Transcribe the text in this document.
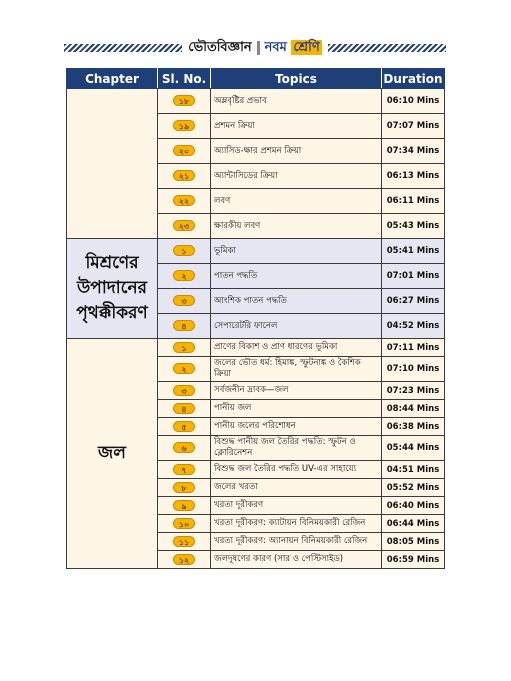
ভৌতবিজ্ঞান নবম শ্রেণি
Chapter	Sl. No.	Topics	Duration
	১৮	অম্লবৃষ্টির প্রভাব	06:10 Mins
	১৯	প্রশমন ক্রিয়া	07:07 Mins
	২০	অ্যাসিড-ক্ষার প্রশমন ক্রিয়া	07:34 Mins
	২১	অ্যান্টাসিডের ক্রিয়া	06:13 Mins
	২২	লবণ	06:11 Mins
	২৩	ক্ষারকীয় লবণ	05:43 Mins
মিশ্রণের উপাদানের পৃথক্কীকরণ	১	ভূমিকা	05:41 Mins
	২	পাতন পদ্ধতি	07:01 Mins
	৩	আংশিক পাতন পদ্ধতি	06:27 Mins
	৪	সেপারেটরি ফানেল	04:52 Mins
জল	১	প্রাণের বিকাশ ও প্রাণ ধারণের ভূমিকা	07:11 Mins
	২	জলের ভৌত ধর্ম: হিমাঙ্ক, স্ফুটনাঙ্ক ও কৈশিক ক্রিয়া	07:10 Mins
	৩	সর্বজনীন দ্রাবক—জল	07:23 Mins
	৪	পানীয় জল	08:44 Mins
	৫	পানীয় জলের পরিশোধন	06:38 Mins
	৬	বিশুদ্ধ পানীয় জল তৈরির পদ্ধতি: স্ফুটন ও ক্লোরিনেশন	05:44 Mins
	৭	বিশুদ্ধ জল তৈরির পদ্ধতি UV-এর সাহায্যে	04:51 Mins
	৮	জলের খরতা	05:52 Mins
	৯	খরতা দূরীকরণ	06:40 Mins
	১০	খরতা দূরীকরণ: ক্যাটায়ন বিনিময়কারী রেজিন	06:44 Mins
	১১	খরতা দূরীকরণ: অ্যানায়ন বিনিময়কারী রেজিন	08:05 Mins
	১২	জলদূষণের কারণ (সার ও পেস্টিসাইড)	06:59 Mins
